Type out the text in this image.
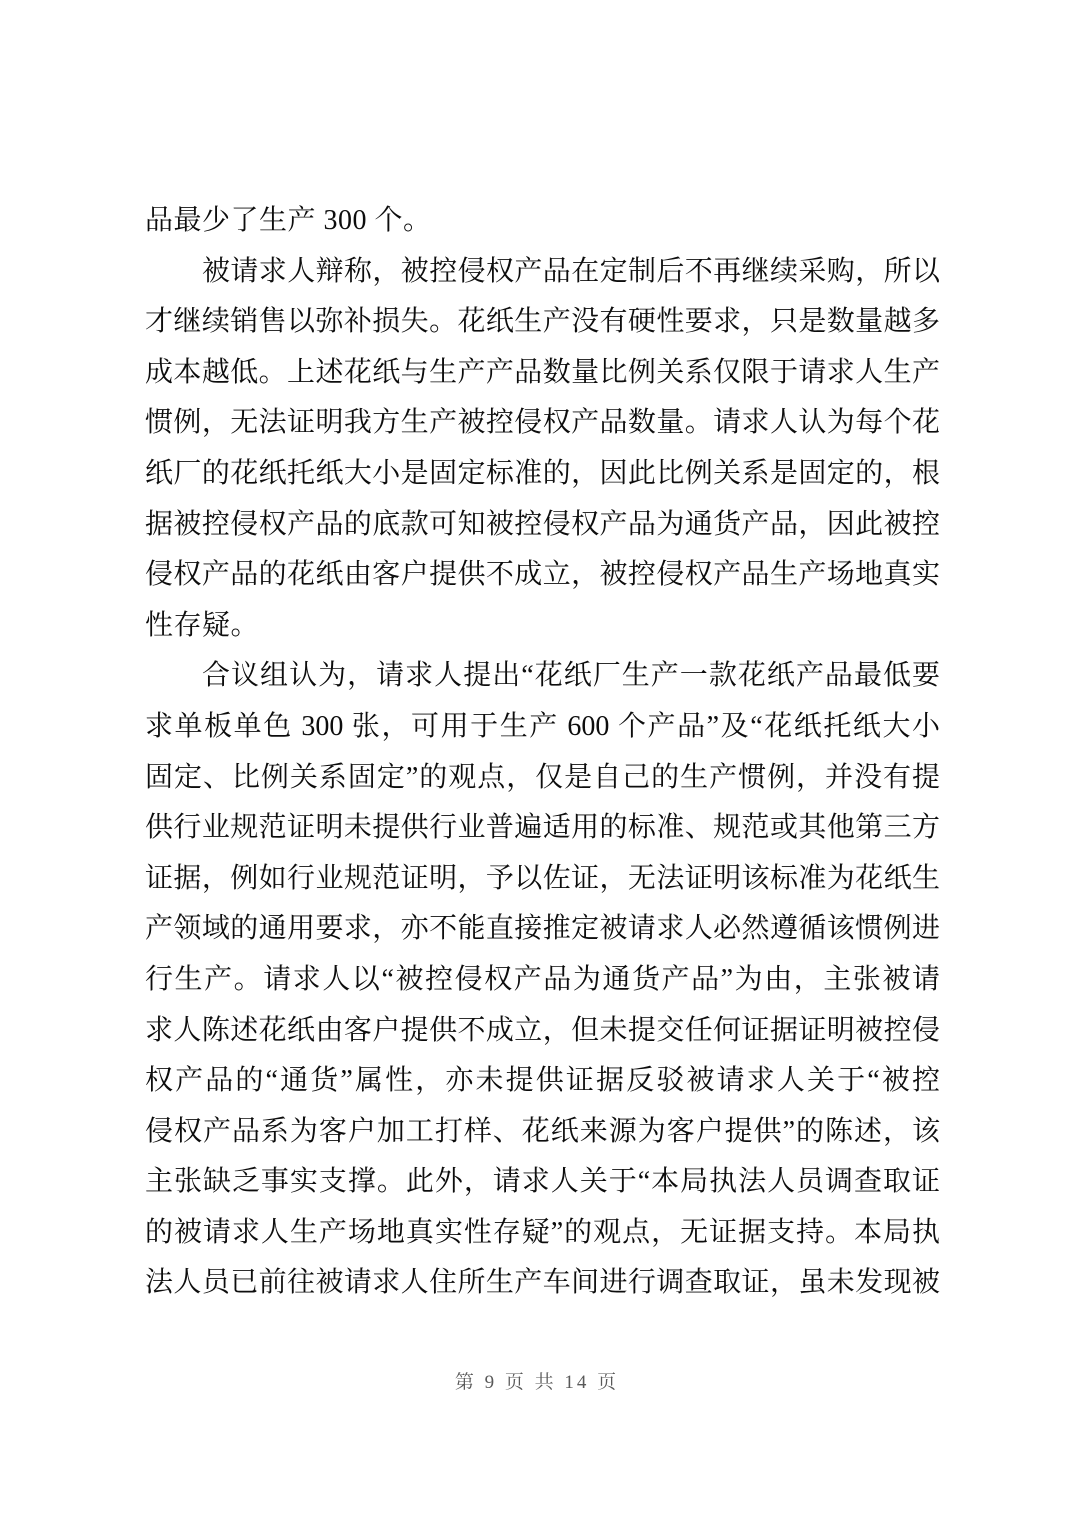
品最少了生产 300 个。
被请求人辩称，被控侵权产品在定制后不再继续采购，所以
才继续销售以弥补损失。花纸生产没有硬性要求，只是数量越多
成本越低。上述花纸与生产产品数量比例关系仅限于请求人生产
惯例，无法证明我方生产被控侵权产品数量。请求人认为每个花
纸厂的花纸托纸大小是固定标准的，因此比例关系是固定的，根
据被控侵权产品的底款可知被控侵权产品为通货产品，因此被控
侵权产品的花纸由客户提供不成立，被控侵权产品生产场地真实
性存疑。
合议组认为，请求人提出“花纸厂生产一款花纸产品最低要
求单板单色 300 张，可用于生产 600 个产品”及“花纸托纸大小
固定、比例关系固定”的观点，仅是自己的生产惯例，并没有提
供行业规范证明未提供行业普遍适用的标准、规范或其他第三方
证据，例如行业规范证明，予以佐证，无法证明该标准为花纸生
产领域的通用要求，亦不能直接推定被请求人必然遵循该惯例进
行生产。请求人以“被控侵权产品为通货产品”为由，主张被请
求人陈述花纸由客户提供不成立，但未提交任何证据证明被控侵
权产品的“通货”属性，亦未提供证据反驳被请求人关于“被控
侵权产品系为客户加工打样、花纸来源为客户提供”的陈述，该
主张缺乏事实支撑。此外，请求人关于“本局执法人员调查取证
的被请求人生产场地真实性存疑”的观点，无证据支持。本局执
法人员已前往被请求人住所生产车间进行调查取证，虽未发现被
第 9 页 共 14 页
